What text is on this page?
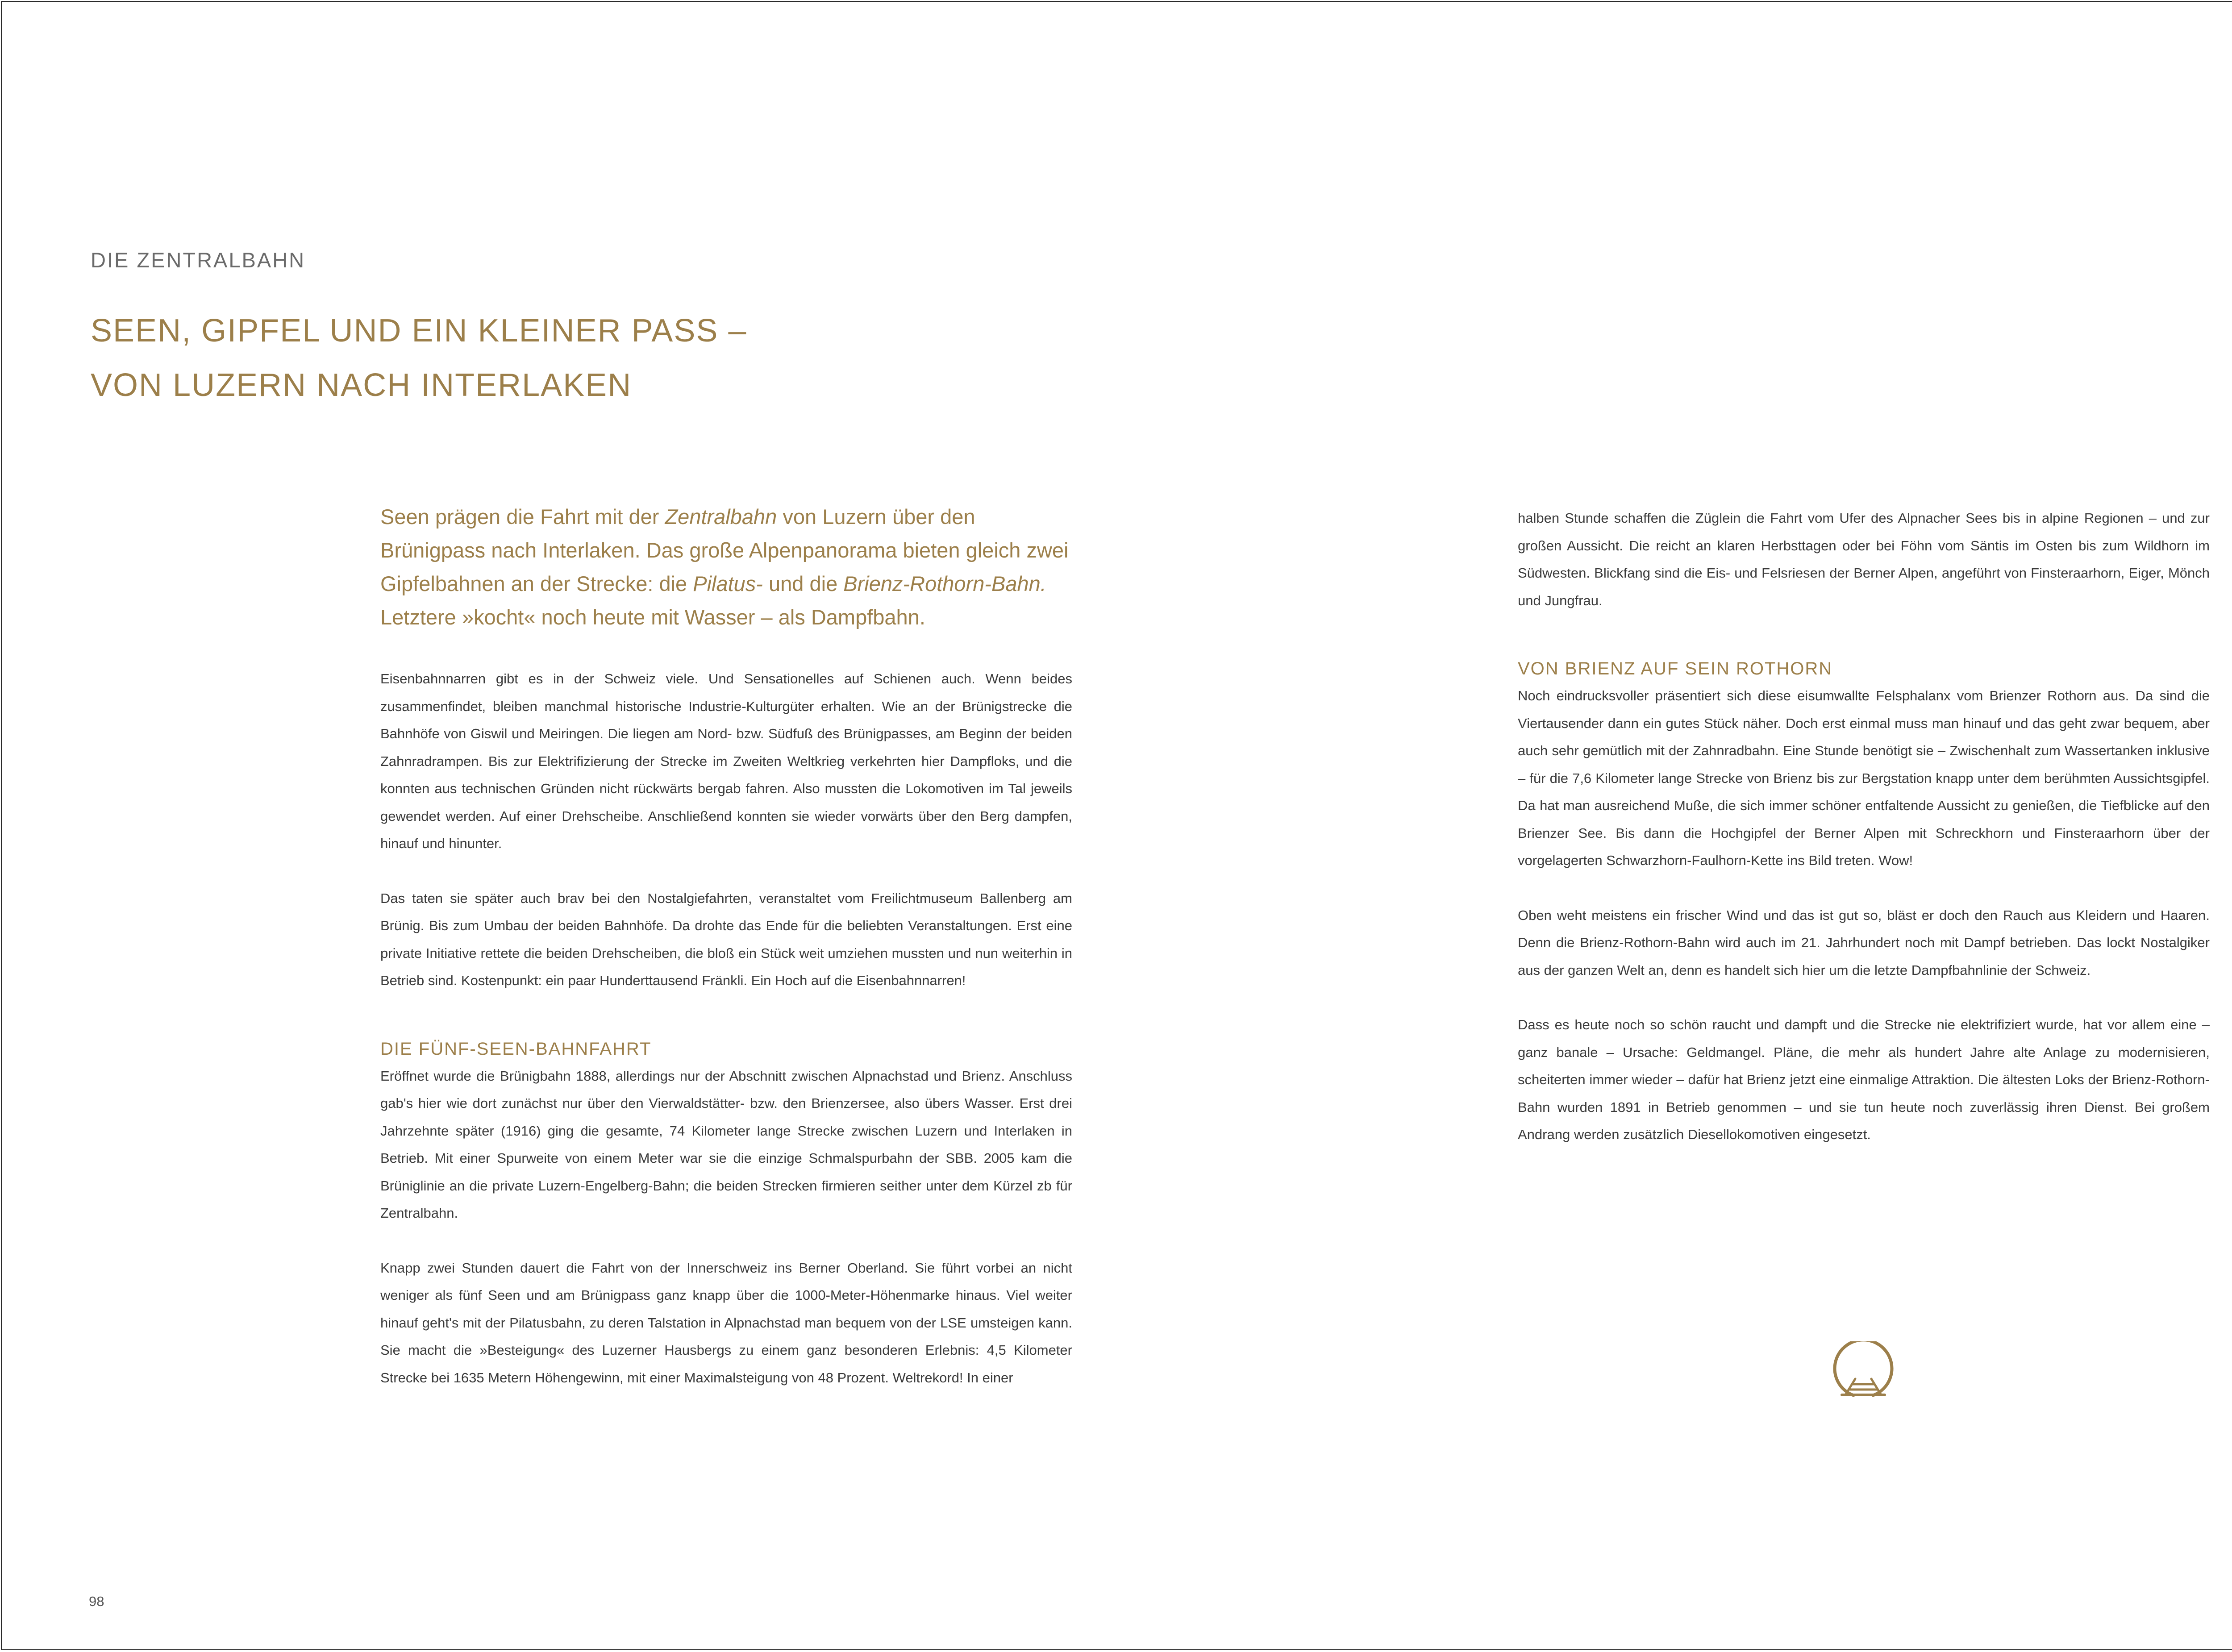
DIE ZENTRALBAHN
SEEN, GIPFEL UND EIN KLEINER PASS –
VON LUZERN NACH INTERLAKEN

Seen prägen die Fahrt mit der Zentralbahn von Luzern über den Brünigpass nach Interlaken. Das große Alpenpanorama bieten gleich zwei Gipfelbahnen an der Strecke: die Pilatus- und die Brienz-Rothorn-Bahn. Letztere »kocht« noch heute mit Wasser – als Dampfbahn.

Eisenbahnnarren gibt es in der Schweiz viele. Und Sensationelles auf Schienen auch. Wenn beides zusammenfindet, bleiben manchmal historische Industrie-Kulturgüter erhalten. Wie an der Brünigstrecke die Bahnhöfe von Giswil und Meiringen. Die liegen am Nord- bzw. Südfuß des Brünigpasses, am Beginn der beiden Zahnradrampen. Bis zur Elektrifizierung der Strecke im Zweiten Weltkrieg verkehrten hier Dampfloks, und die konnten aus technischen Gründen nicht rückwärts bergab fahren. Also mussten die Lokomotiven im Tal jeweils gewendet werden. Auf einer Drehscheibe. Anschließend konnten sie wieder vorwärts über den Berg dampfen, hinauf und hinunter.

Das taten sie später auch brav bei den Nostalgiefahrten, veranstaltet vom Freilichtmuseum Ballenberg am Brünig. Bis zum Umbau der beiden Bahnhöfe. Da drohte das Ende für die beliebten Veranstaltungen. Erst eine private Initiative rettete die beiden Drehscheiben, die bloß ein Stück weit umziehen mussten und nun weiterhin in Betrieb sind. Kostenpunkt: ein paar Hunderttausend Fränkli. Ein Hoch auf die Eisenbahnnarren!

DIE FÜNF-SEEN-BAHNFAHRT

Eröffnet wurde die Brünigbahn 1888, allerdings nur der Abschnitt zwischen Alpnachstad und Brienz. Anschluss gab's hier wie dort zunächst nur über den Vierwaldstätter- bzw. den Brienzersee, also übers Wasser. Erst drei Jahrzehnte später (1916) ging die gesamte, 74 Kilometer lange Strecke zwischen Luzern und Interlaken in Betrieb. Mit einer Spurweite von einem Meter war sie die einzige Schmalspurbahn der SBB. 2005 kam die Brüniglinie an die private Luzern-Engelberg-Bahn; die beiden Strecken firmieren seither unter dem Kürzel zb für Zentralbahn.

Knapp zwei Stunden dauert die Fahrt von der Innerschweiz ins Berner Oberland. Sie führt vorbei an nicht weniger als fünf Seen und am Brünigpass ganz knapp über die 1000-Meter-Höhenmarke hinaus. Viel weiter hinauf geht's mit der Pilatusbahn, zu deren Talstation in Alpnachstad man bequem von der LSE umsteigen kann. Sie macht die »Besteigung« des Luzerner Hausbergs zu einem ganz besonderen Erlebnis: 4,5 Kilometer Strecke bei 1635 Metern Höhengewinn, mit einer Maximalsteigung von 48 Prozent. Weltrekord! In einer

halben Stunde schaffen die Züglein die Fahrt vom Ufer des Alpnacher Sees bis in alpine Regionen – und zur großen Aussicht. Die reicht an klaren Herbsttagen oder bei Föhn vom Säntis im Osten bis zum Wildhorn im Südwesten. Blickfang sind die Eis- und Felsriesen der Berner Alpen, angeführt von Finsteraarhorn, Eiger, Mönch und Jungfrau.

VON BRIENZ AUF SEIN ROTHORN

Noch eindrucksvoller präsentiert sich diese eisumwallte Felsphalanx vom Brienzer Rothorn aus. Da sind die Viertausender dann ein gutes Stück näher. Doch erst einmal muss man hinauf und das geht zwar bequem, aber auch sehr gemütlich mit der Zahnradbahn. Eine Stunde benötigt sie – Zwischenhalt zum Wassertanken inklusive – für die 7,6 Kilometer lange Strecke von Brienz bis zur Bergstation knapp unter dem berühmten Aussichtsgipfel. Da hat man ausreichend Muße, die sich immer schöner entfaltende Aussicht zu genießen, die Tiefblicke auf den Brienzer See. Bis dann die Hochgipfel der Berner Alpen mit Schreckhorn und Finsteraarhorn über der vorgelagerten Schwarzhorn-Faulhorn-Kette ins Bild treten. Wow!

Oben weht meistens ein frischer Wind und das ist gut so, bläst er doch den Rauch aus Kleidern und Haaren. Denn die Brienz-Rothorn-Bahn wird auch im 21. Jahrhundert noch mit Dampf betrieben. Das lockt Nostalgiker aus der ganzen Welt an, denn es handelt sich hier um die letzte Dampfbahnlinie der Schweiz.

Dass es heute noch so schön raucht und dampft und die Strecke nie elektrifiziert wurde, hat vor allem eine – ganz banale – Ursache: Geldmangel. Pläne, die mehr als hundert Jahre alte Anlage zu modernisieren, scheiterten immer wieder – dafür hat Brienz jetzt eine einmalige Attraktion. Die ältesten Loks der Brienz-Rothorn-Bahn wurden 1891 in Betrieb genommen – und sie tun heute noch zuverlässig ihren Dienst. Bei großem Andrang werden zusätzlich Diesellokomotiven eingesetzt.

98
